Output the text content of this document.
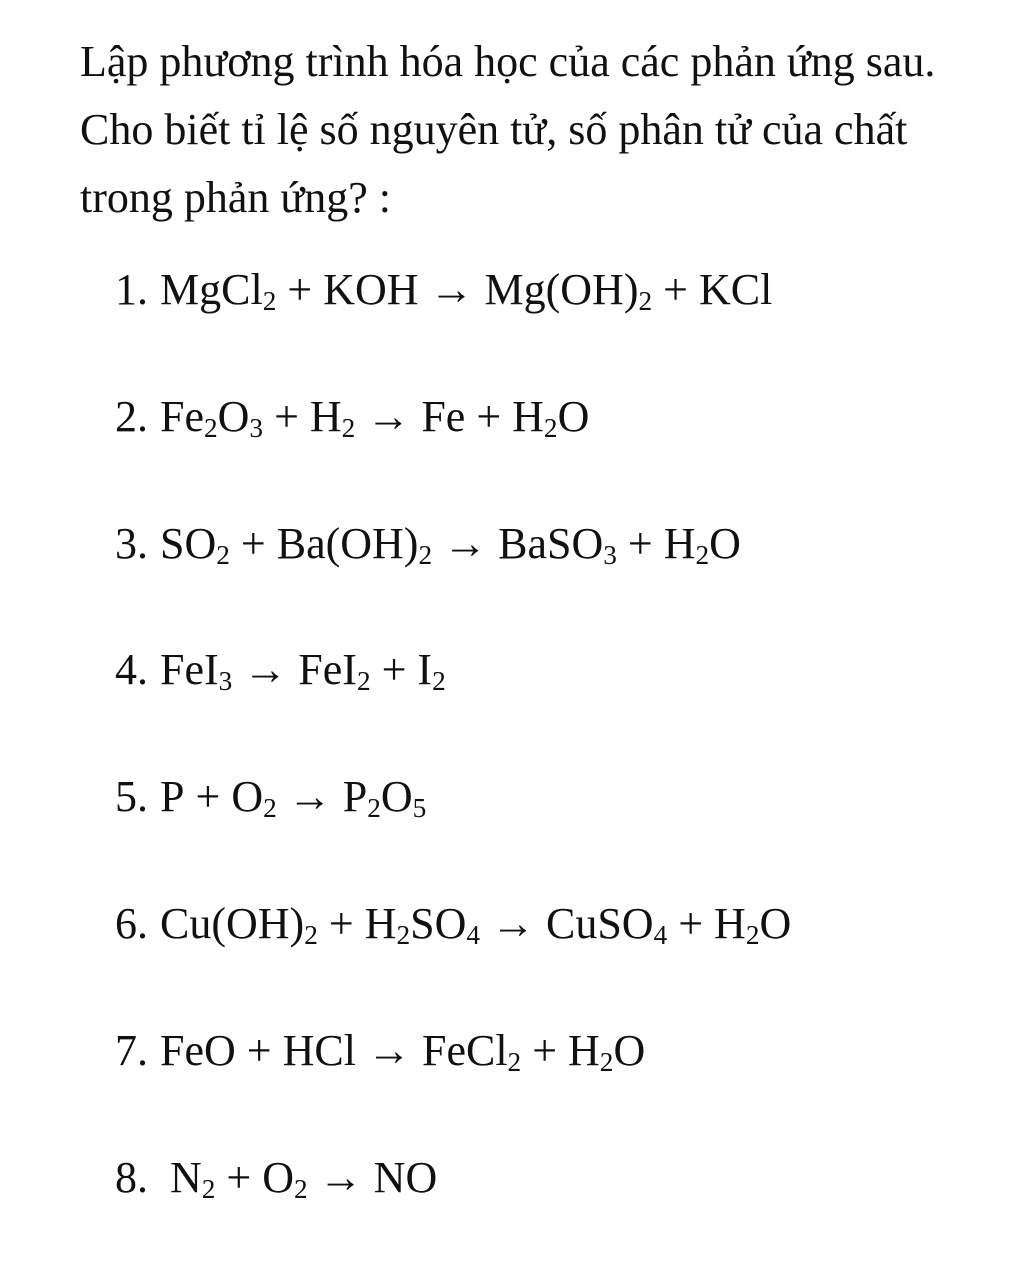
Lập phương trình hóa học của các phản ứng sau. Cho biết tỉ lệ số nguyên tử, số phân tử của chất trong phản ứng? :

1. MgCl$_2$ + KOH → $Mg(OH)_2$ + KCl
2. $Fe_2O_3 + H_2 \to Fe + H_2O$
3. $SO_2 + Ba(OH)_2$ → BaSO$_3$ + $H_2O$
4. $FeI_3 \to FeI_2 + I_2$
5. $P + O_2 \to P_2O_5$
6. $Cu(OH)_2 + H_2SO_4$ → CuSO$_4$ + $H_2O$
7. FeO + HCl → FeCl$_2$ + $H_2O$
8. $N_2 + O_2$ → NO
